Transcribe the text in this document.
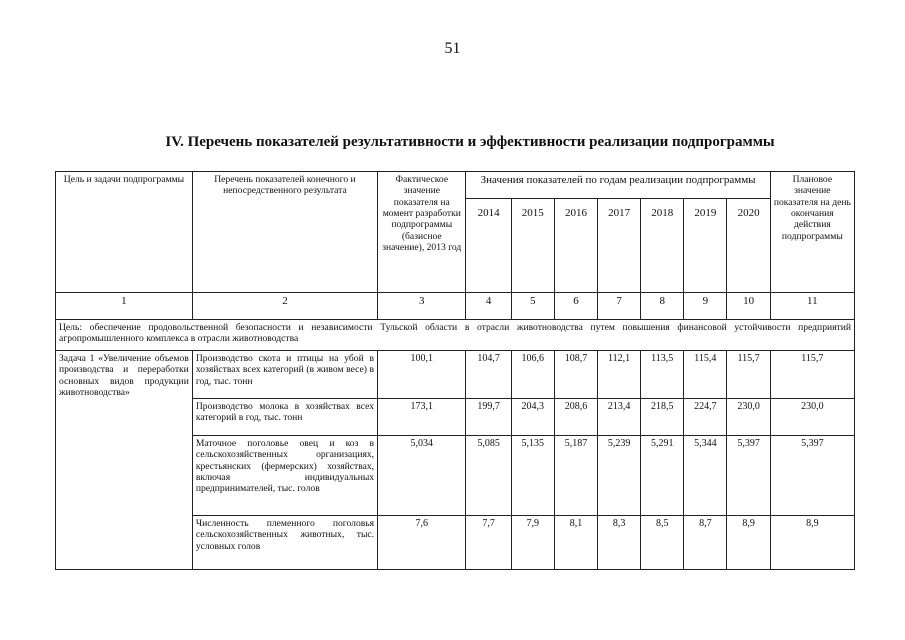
51
IV. Перечень показателей результативности и эффективности реализации подпрограммы
Цель и задачи подпрограммы	Перечень показателей конечного и непосредственного результата	Фактическое значение показателя на момент разработки подпрограммы (базисное значение), 2013 год	Значения показателей по годам реализации подпрограммы							Плановое значение показателя на день окончания действия подпрограммы
			2014	2015	2016	2017	2018	2019	2020	
1	2	3	4	5	6	7	8	9	10	11
Цель: обеспечение продовольственной безопасности и независимости Тульской области в отрасли животноводства путем повышения финансовой устойчивости предприятий агропромышленного комплекса в отрасли животноводства										
Задача 1 «Увеличение объемов производства и переработки основных видов продукции животноводства»	Производство скота и птицы на убой в хозяйствах всех категорий (в живом весе) в год, тыс. тонн	100,1	104,7	106,6	108,7	112,1	113,5	115,4	115,7	115,7
	Производство молока в хозяйствах всех категорий в год, тыс. тонн	173,1	199,7	204,3	208,6	213,4	218,5	224,7	230,0	230,0
	Маточное поголовье овец и коз в сельскохозяйственных организациях, крестьянских (фермерских) хозяйствах, включая индивидуальных предпринимателей, тыс. голов	5,034	5,085	5,135	5,187	5,239	5,291	5,344	5,397	5,397
	Численность племенного поголовья сельскохозяйственных животных, тыс. условных голов	7,6	7,7	7,9	8,1	8,3	8,5	8,7	8,9	8,9
